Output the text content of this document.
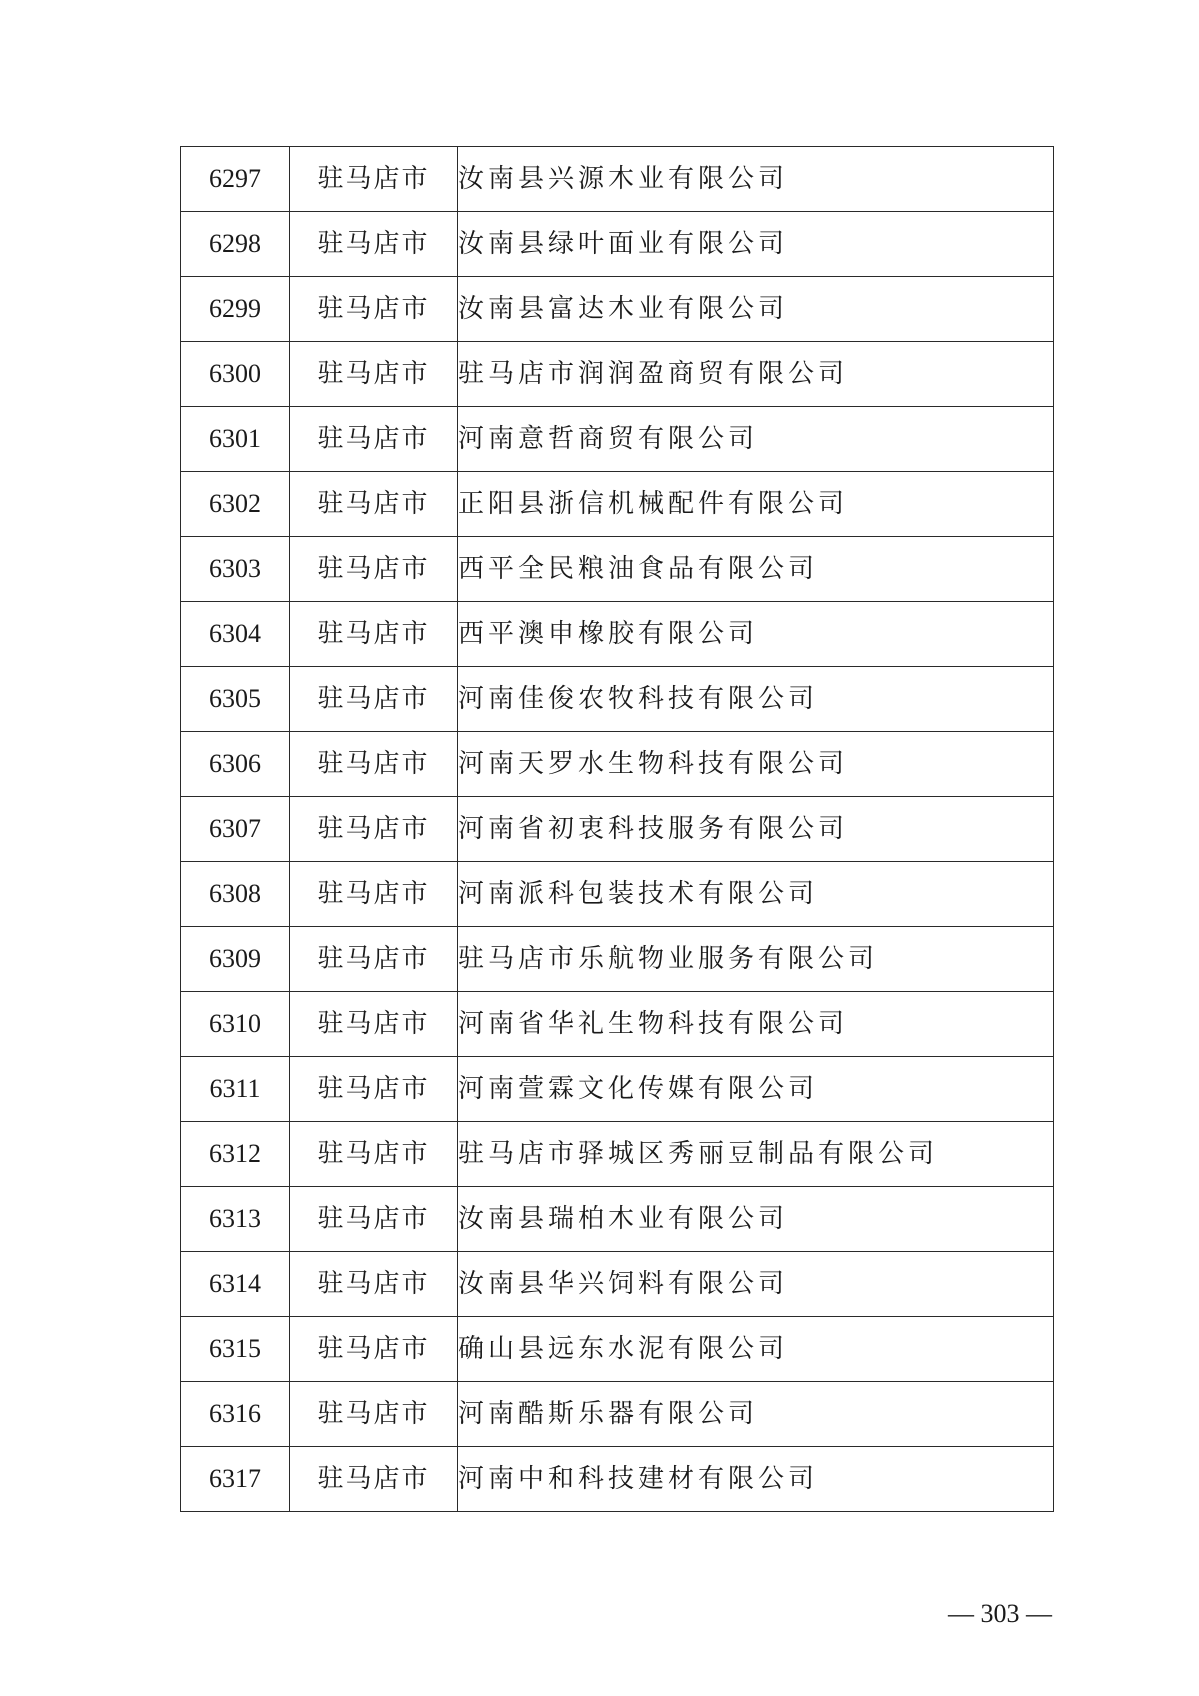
6297	驻马店市	汝南县兴源木业有限公司
6298	驻马店市	汝南县绿叶面业有限公司
6299	驻马店市	汝南县富达木业有限公司
6300	驻马店市	驻马店市润润盈商贸有限公司
6301	驻马店市	河南意哲商贸有限公司
6302	驻马店市	正阳县浙信机械配件有限公司
6303	驻马店市	西平全民粮油食品有限公司
6304	驻马店市	西平澳申橡胶有限公司
6305	驻马店市	河南佳俊农牧科技有限公司
6306	驻马店市	河南天罗水生物科技有限公司
6307	驻马店市	河南省初衷科技服务有限公司
6308	驻马店市	河南派科包装技术有限公司
6309	驻马店市	驻马店市乐航物业服务有限公司
6310	驻马店市	河南省华礼生物科技有限公司
6311	驻马店市	河南萱霖文化传媒有限公司
6312	驻马店市	驻马店市驿城区秀丽豆制品有限公司
6313	驻马店市	汝南县瑞柏木业有限公司
6314	驻马店市	汝南县华兴饲料有限公司
6315	驻马店市	确山县远东水泥有限公司
6316	驻马店市	河南酷斯乐器有限公司
6317	驻马店市	河南中和科技建材有限公司
— 303 —
